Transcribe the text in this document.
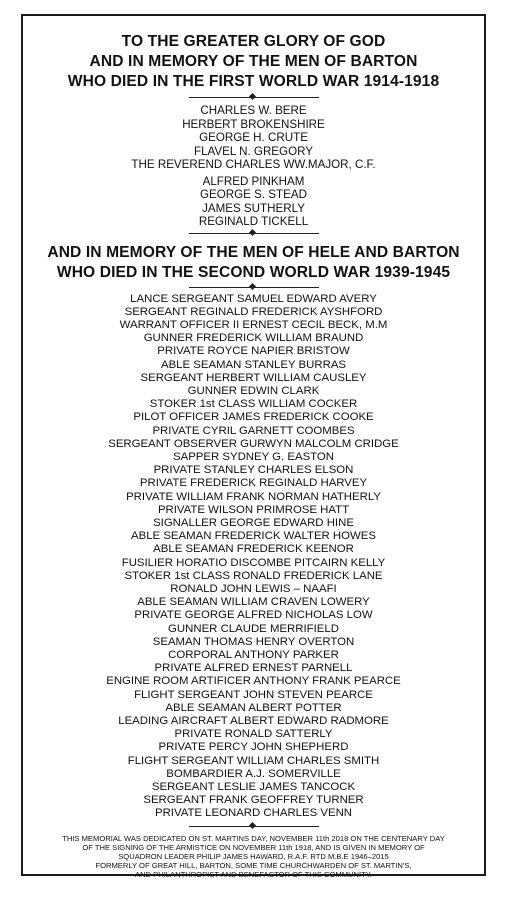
TO THE GREATER GLORY OF GOD
AND IN MEMORY OF THE MEN OF BARTON
WHO DIED IN THE FIRST WORLD WAR 1914-1918
CHARLES W. BERE
HERBERT BROKENSHIRE
GEORGE H. CRUTE
FLAVEL N. GREGORY
THE REVEREND CHARLES WW.MAJOR, C.F.
ALFRED PINKHAM
GEORGE S. STEAD
JAMES SUTHERLY
REGINALD TICKELL
AND IN MEMORY OF THE MEN OF HELE AND BARTON
WHO DIED IN THE SECOND WORLD WAR 1939-1945
LANCE SERGEANT SAMUEL EDWARD AVERY
SERGEANT REGINALD FREDERICK AYSHFORD
WARRANT OFFICER II ERNEST CECIL BECK, M.M
GUNNER FREDERICK WILLIAM BRAUND
PRIVATE ROYCE NAPIER BRISTOW
ABLE SEAMAN STANLEY BURRAS
SERGEANT HERBERT WILLIAM CAUSLEY
GUNNER EDWIN CLARK
STOKER 1st CLASS WILLIAM COCKER
PILOT OFFICER JAMES FREDERICK COOKE
PRIVATE CYRIL GARNETT COOMBES
SERGEANT OBSERVER GURWYN MALCOLM CRIDGE
SAPPER SYDNEY G. EASTON
PRIVATE STANLEY CHARLES ELSON
PRIVATE FREDERICK REGINALD HARVEY
PRIVATE WILLIAM FRANK NORMAN HATHERLY
PRIVATE WILSON PRIMROSE HATT
SIGNALLER GEORGE EDWARD HINE
ABLE SEAMAN FREDERICK WALTER HOWES
ABLE SEAMAN FREDERICK KEENOR
FUSILIER HORATIO DISCOMBE PITCAIRN KELLY
STOKER 1st CLASS RONALD FREDERICK LANE
RONALD JOHN LEWIS – NAAFI
ABLE SEAMAN WILLIAM CRAVEN LOWERY
PRIVATE GEORGE ALFRED NICHOLAS LOW
GUNNER CLAUDE MERRIFIELD
SEAMAN THOMAS HENRY OVERTON
CORPORAL ANTHONY PARKER
PRIVATE ALFRED ERNEST PARNELL
ENGINE ROOM ARTIFICER ANTHONY FRANK PEARCE
FLIGHT SERGEANT JOHN STEVEN PEARCE
ABLE SEAMAN ALBERT POTTER
LEADING AIRCRAFT ALBERT EDWARD RADMORE
PRIVATE RONALD SATTERLY
PRIVATE PERCY JOHN SHEPHERD
FLIGHT SERGEANT WILLIAM CHARLES SMITH
BOMBARDIER A.J. SOMERVILLE
SERGEANT LESLIE JAMES TANCOCK
SERGEANT FRANK GEOFFREY TURNER
PRIVATE LEONARD CHARLES VENN
THIS MEMORIAL WAS DEDICATED ON ST. MARTINS DAY, NOVEMBER 11th 2018 ON THE CENTENARY DAY
OF THE SIGNING OF THE ARMISTICE ON NOVEMBER 11th 1918, AND IS GIVEN IN MEMORY OF
SQUADRON LEADER PHILIP JAMES HAWARD, R.A.F. RTD M.B.E 1946–2015
FORMERLY OF GREAT HILL, BARTON, SOME TIME CHURCHWARDEN OF ST. MARTIN'S,
AND PHILANTHROPIST AND BENEFACTOR OF THIS COMMUNITY.
